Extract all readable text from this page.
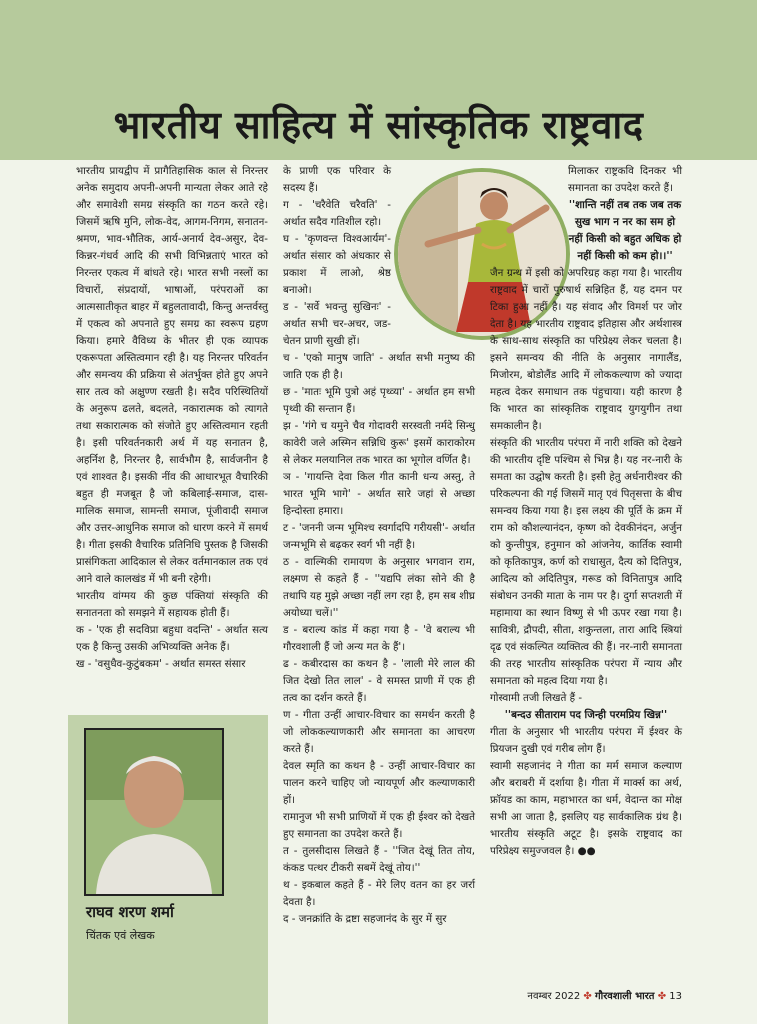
भारतीय साहित्य में सांस्कृतिक राष्ट्रवाद

भारतीय प्रायद्वीप में प्रागैतिहासिक काल से निरन्तर अनेक समुदाय अपनी-अपनी मान्यता लेकर आते रहे और समावेशी समग्र संस्कृति का गठन करते रहे। जिसमें ऋषि मुनि, लोक-वेद, आगम-निगम, सनातन-श्रमण, भाव-भौतिक, आर्य-अनार्य देव-असुर, देव-किन्नर-गंधर्व आदि की सभी विभिन्नताएं भारत को निरन्तर एकत्व में बांधते रहे। भारत सभी नस्लों का विचारों, संप्रदायों, भाषाओं, परंपराओं का आत्मसातीकृत बाहर में बहुलतावादी, किन्तु अन्तर्वस्तु में एकत्व को अपनाते हुए समग्र का स्वरूप ग्रहण किया। हमारे वैविध्य के भीतर ही एक व्यापक एकरूपता अस्तित्वमान रही है। यह निरन्तर परिवर्तन और समन्वय की प्रक्रिया से अंतर्भुक्त होते हुए अपने सार तत्व को अक्षुण्ण रखती है। सदैव परिस्थितियों के अनुरूप ढलते, बदलते, नकारात्मक को त्यागते तथा सकारात्मक को संजोते हुए अस्तित्वमान रहती है। इसी परिवर्तनकारी अर्थ में यह सनातन है, अहर्निश है, निरन्तर है, सार्वभौम है, सार्वजनीन है एवं शाश्वत है। इसकी नींव की आधारभूत वैचारिकी बहुत ही मजबूत है जो कबिलाई-समाज, दास-मालिक समाज, सामन्ती समाज, पूंजीवादी समाज और उत्तर-आधुनिक समाज को धारण करने में समर्थ है। गीता इसकी वैचारिक प्रतिनिधि पुस्तक है जिसकी प्रासंगिकता आदिकाल से लेकर वर्तमानकाल तक एवं आने वाले कालखंड में भी बनी रहेगी।

भारतीय वांग्मय की कुछ पंक्तियां संस्कृति की सनातनता को समझने में सहायक होती हैं।

क - 'एक ही सदविप्रा बहुधा वदन्ति' - अर्थात सत्य एक है किन्तु उसकी अभिव्यक्ति अनेक हैं।

ख - 'वसुधैव-कुटुंबकम' - अर्थात समस्त संसार

राघव शरण शर्मा

चिंतक एवं लेखक

के प्राणी एक परिवार के सदस्य हैं।

ग - 'चरैवेति चरैवति' - अर्थात सदैव गतिशील रहो।

घ - 'कृणवन्त विश्वआर्यम'- अर्थात संसार को अंधकार से प्रकाश में लाओ, श्रेष्ठ बनाओ।

ड - 'सर्वे भवन्तु सुखिनः' - अर्थात सभी चर-अचर, जड-चेतन प्राणी सुखी हों।

च - 'एको मानुष जाति' - अर्थात सभी मनुष्य की जाति एक ही है।

छ - 'मातः भूमि पुत्रो अहं पृथ्व्या' - अर्थात हम सभी पृथ्वी की सन्तान हैं।

झ - 'गंगे च यमुने चैव गोदावरी सरस्वती नर्मदे सिन्धु कावेरी जले अस्मिन सन्निधि कुरू' इसमें काराकोरम से लेकर मलयानिल तक भारत का भूगोल वर्णित है।

ञ - 'गायन्ति देवा किल गीत कानी धन्य अस्तु, ते भारत भूमि भागे' - अर्थात सारे जहां से अच्छा हिन्दोस्ता हमारा।

ट - 'जननी जन्म भूमिश्च स्वर्गादपि गरीयसी'- अर्थात जन्मभूमि से बढ़कर स्वर्ग भी नहीं है।

ठ - वाल्मिकी रामायण के अनुसार भगवान राम, लक्ष्मण से कहते हैं - ''यद्यपि लंका सोने की है तथापि यह मुझे अच्छा नहीं लग रहा है, हम सब शीघ्र अयोध्या चलें।''

ड - बराल्य कांड में कहा गया है - 'वे बराल्य भी गौरवशाली हैं जो अन्य मत के हैं'।

ढ - कबीरदास का कथन है - 'लाली मेरे लाल की जित देखो तित लाल' - वे समस्त प्राणी में एक ही तत्व का दर्शन करते हैं।

ण - गीता उन्हीं आचार-विचार का समर्थन करती है जो लोककल्याणकारी और समानता का आचरण करते हैं।

देवल स्मृति का कथन है - उन्हीं आचार-विचार का पालन करने चाहिए जो न्यायपूर्ण और कल्याणकारी हों।

रामानुज भी सभी प्राणियों में एक ही ईश्वर को देखते हुए समानता का उपदेश करते हैं।

त - तुलसीदास लिखते हैं - ''जित देखूं तित तोय, कंकड पत्थर टीकरी सबमें देखूं तोय।''

थ - इकबाल कहते हैं - मेरे लिए वतन का हर जर्रा देवता है।

द - जनक्रांति के द्रष्टा सहजानंद के सुर में सुर

मिलाकर राष्ट्रकवि दिनकर भी समानता का उपदेश करते हैं।

''शान्ति नहीं तब तक जब तक सुख भाग न नर का सम हो नहीं किसी को बहुत अधिक हो नहीं किसी को कम हो।।''

जैन ग्रन्थ में इसी को अपरिग्रह कहा गया है। भारतीय राष्ट्रवाद में चारों पुरुषार्थ सन्निहित हैं, यह दमन पर टिका हुआ नहीं है। यह संवाद और विमर्श पर जोर देता है। यह भारतीय राष्ट्रवाद इतिहास और अर्थशास्त्र के साथ-साथ संस्कृति का परिप्रेक्ष्य लेकर चलता है। इसने समन्वय की नीति के अनुसार नागालैंड, मिजोरम, बोडोलैंड आदि में लोककल्याण को ज्यादा महत्व देकर समाधान तक पंहुचाया। यही कारण है कि भारत का सांस्कृतिक राष्ट्रवाद युगयुगीन तथा समकालीन है।

संस्कृति की भारतीय परंपरा में नारी शक्ति को देखने की भारतीय दृष्टि पश्चिम से भिन्न है। यह नर-नारी के समता का उद्घोष करती है। इसी हेतु अर्धनारीश्वर की परिकल्पना की गई जिसमें मातृ एवं पितृसत्ता के बीच समन्वय किया गया है। इस लक्ष्य की पूर्ति के क्रम में राम को कौशल्यानंदन, कृष्ण को देवकीनंदन, अर्जुन को कुन्तीपुत्र, हनुमान को आंजनेय, कार्तिक स्वामी को कृतिकापुत्र, कर्ण को राधासुत, दैत्य को दितिपुत्र, आदित्य को अदितिपुत्र, गरूड को विनितापुत्र आदि संबोधन उनकी माता के नाम पर है। दुर्गा सप्तशती में महामाया का स्थान विष्णु से भी ऊपर रखा गया है। सावित्री, द्रौपदी, सीता, शकुन्तला, तारा आदि स्त्रियां दृढ एवं संकल्पित व्यक्तित्व की हैं। नर-नारी समानता की तरह भारतीय सांस्कृतिक परंपरा में न्याय और समानता को महत्व दिया गया है।

गोस्वामी तजी लिखते हैं -

''बन्दउ सीताराम पद जिन्ही परमप्रिय खिन्न''

गीता के अनुसार भी भारतीय परंपरा में ईश्वर के प्रियजन दुखी एवं गरीब लोग हैं।

स्वामी सहजानंद ने गीता का मर्म समाज कल्याण और बराबरी में दर्शाया है। गीता में मार्क्स का अर्थ, फ्रॉयड का काम, महाभारत का धर्म, वेदान्त का मोक्ष सभी आ जाता है, इसलिए यह सार्वकालिक ग्रंथ है। भारतीय संस्कृति अटूट है। इसके राष्ट्रवाद का परिप्रेक्ष्य समुज्जवल है। ●●

नवम्बर 2022 ✤ गौरवशाली भारत ✤ 13
